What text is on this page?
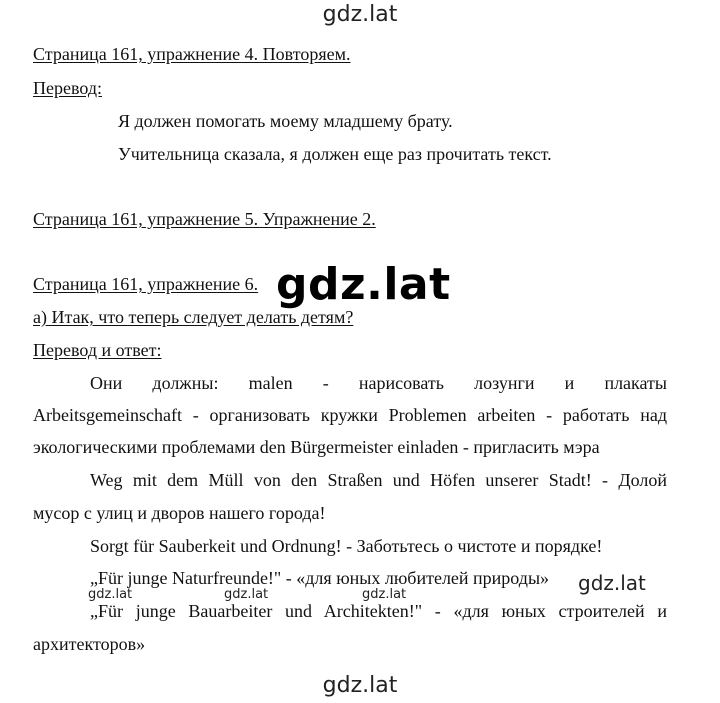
gdz.lat
Страница 161, упражнение 4. Повторяем.
Перевод:
Я должен помогать моему младшему брату.
Учительница сказала, я должен еще раз прочитать текст.
Страница 161, упражнение 5. Упражнение 2.
Страница 161, упражнение 6. gdz.lat
а) Итак, что теперь следует делать детям?
Перевод и ответ:
Они должны: malen - нарисовать лозунги и плакаты
Arbeitsgemeinschaft - организовать кружки Problemen arbeiten - работать над
экологическими проблемами den Bürgermeister einladen - пригласить мэра
Weg mit dem Müll von den Straßen und Höfen unserer Stadt! - Долой
мусор с улиц и дворов нашего города!
Sorgt für Sauberkeit und Ordnung! - Заботьтесь о чистоте и порядке!
„Für junge Naturfreunde!" - «для юных любителей природы» gdz.lat
gdz.lat	gdz.lat	gdz.lat
„Für junge Bauarbeiter und Architekten!" - «для юных строителей и
архитекторов»
gdz.lat
